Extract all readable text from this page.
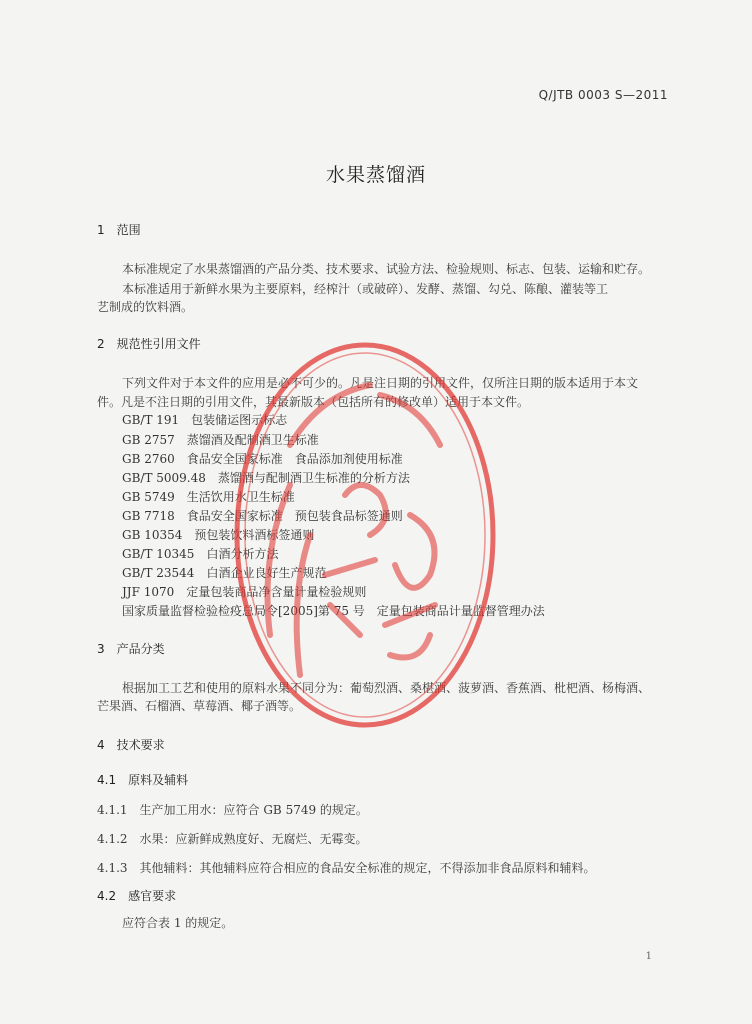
Q/JTB 0003 S—2011
水果蒸馏酒
1　范围
本标准规定了水果蒸馏酒的产品分类、技术要求、试验方法、检验规则、标志、包装、运输和贮存。
本标准适用于新鲜水果为主要原料，经榨汁（或破碎）、发酵、蒸馏、勾兑、陈酿、灌装等工
艺制成的饮料酒。
2　规范性引用文件
下列文件对于本文件的应用是必不可少的。凡是注日期的引用文件，仅所注日期的版本适用于本文
件。凡是不注日期的引用文件，其最新版本（包括所有的修改单）适用于本文件。
GB/T 191 包装储运图示标志
GB 2757 蒸馏酒及配制酒卫生标准
GB 2760 食品安全国家标准　食品添加剂使用标准
GB/T 5009.48 蒸馏酒与配制酒卫生标准的分析方法
GB 5749 生活饮用水卫生标准
GB 7718 食品安全国家标准　预包装食品标签通则
GB 10354 预包装饮料酒标签通则
GB/T 10345 白酒分析方法
GB/T 23544 白酒企业良好生产规范
JJF 1070 定量包装商品净含量计量检验规则
国家质量监督检验检疫总局令[2005]第 75 号　定量包装商品计量监督管理办法
3　产品分类
根据加工工艺和使用的原料水果不同分为：葡萄烈酒、桑椹酒、菠萝酒、香蕉酒、枇杷酒、杨梅酒、
芒果酒、石榴酒、草莓酒、椰子酒等。
4　技术要求
4.1　原料及辅料
4.1.1　生产加工用水：应符合 GB 5749 的规定。
4.1.2　水果：应新鲜成熟度好、无腐烂、无霉变。
4.1.3　其他辅料：其他辅料应符合相应的食品安全标准的规定，不得添加非食品原料和辅料。
4.2　感官要求
应符合表 1 的规定。
1
